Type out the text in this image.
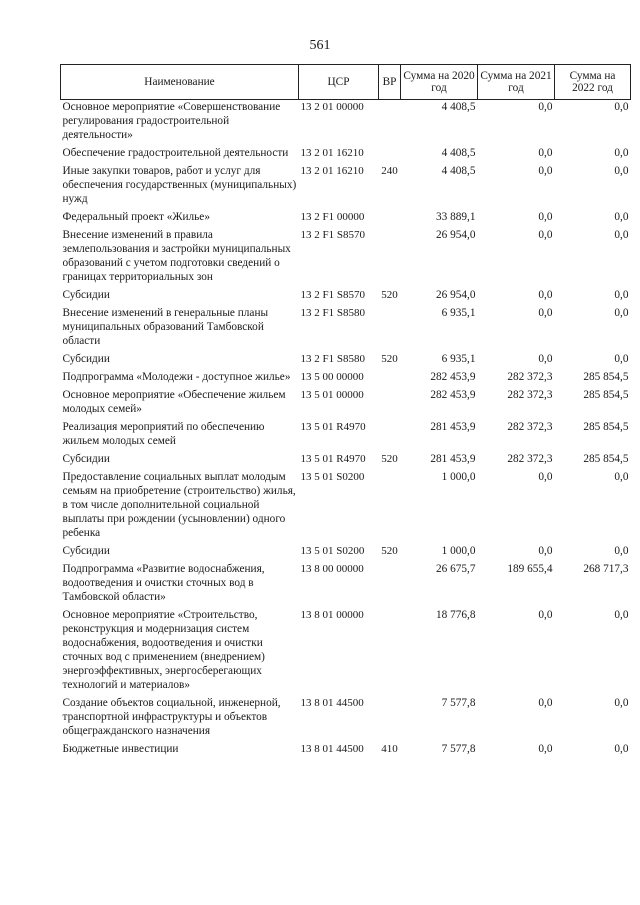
561
Наименование	ЦСР	ВР	Сумма на 2020 год	Сумма на 2021 год	Сумма на 2022 год
Основное мероприятие «Совершенствование регулирования градостроительной деятельности»	13 2 01 00000		4 408,5	0,0	0,0
Обеспечение градостроительной деятельности	13 2 01 16210		4 408,5	0,0	0,0
Иные закупки товаров, работ и услуг для обеспечения государственных (муниципальных) нужд	13 2 01 16210	240	4 408,5	0,0	0,0
Федеральный проект «Жилье»	13 2 F1 00000		33 889,1	0,0	0,0
Внесение изменений в правила землепользования и застройки муниципальных образований с учетом подготовки сведений о границах территориальных зон	13 2 F1 S8570		26 954,0	0,0	0,0
Субсидии	13 2 F1 S8570	520	26 954,0	0,0	0,0
Внесение изменений в генеральные планы муниципальных образований Тамбовской области	13 2 F1 S8580		6 935,1	0,0	0,0
Субсидии	13 2 F1 S8580	520	6 935,1	0,0	0,0
Подпрограмма «Молодежи - доступное жилье»	13 5 00 00000		282 453,9	282 372,3	285 854,5
Основное мероприятие «Обеспечение жильем молодых семей»	13 5 01 00000		282 453,9	282 372,3	285 854,5
Реализация мероприятий по обеспечению жильем молодых семей	13 5 01 R4970		281 453,9	282 372,3	285 854,5
Субсидии	13 5 01 R4970	520	281 453,9	282 372,3	285 854,5
Предоставление социальных выплат молодым семьям на приобретение (строительство) жилья, в том числе дополнительной социальной выплаты при рождении (усыновлении) одного ребенка	13 5 01 S0200		1 000,0	0,0	0,0
Субсидии	13 5 01 S0200	520	1 000,0	0,0	0,0
Подпрограмма «Развитие водоснабжения, водоотведения и очистки сточных вод в Тамбовской области»	13 8 00 00000		26 675,7	189 655,4	268 717,3
Основное мероприятие «Строительство, реконструкция и модернизация систем водоснабжения, водоотведения и очистки сточных вод с применением (внедрением) энергоэффективных, энергосберегающих технологий и материалов»	13 8 01 00000		18 776,8	0,0	0,0
Создание объектов социальной, инженерной, транспортной инфраструктуры и объектов общегражданского назначения	13 8 01 44500		7 577,8	0,0	0,0
Бюджетные инвестиции	13 8 01 44500	410	7 577,8	0,0	0,0
